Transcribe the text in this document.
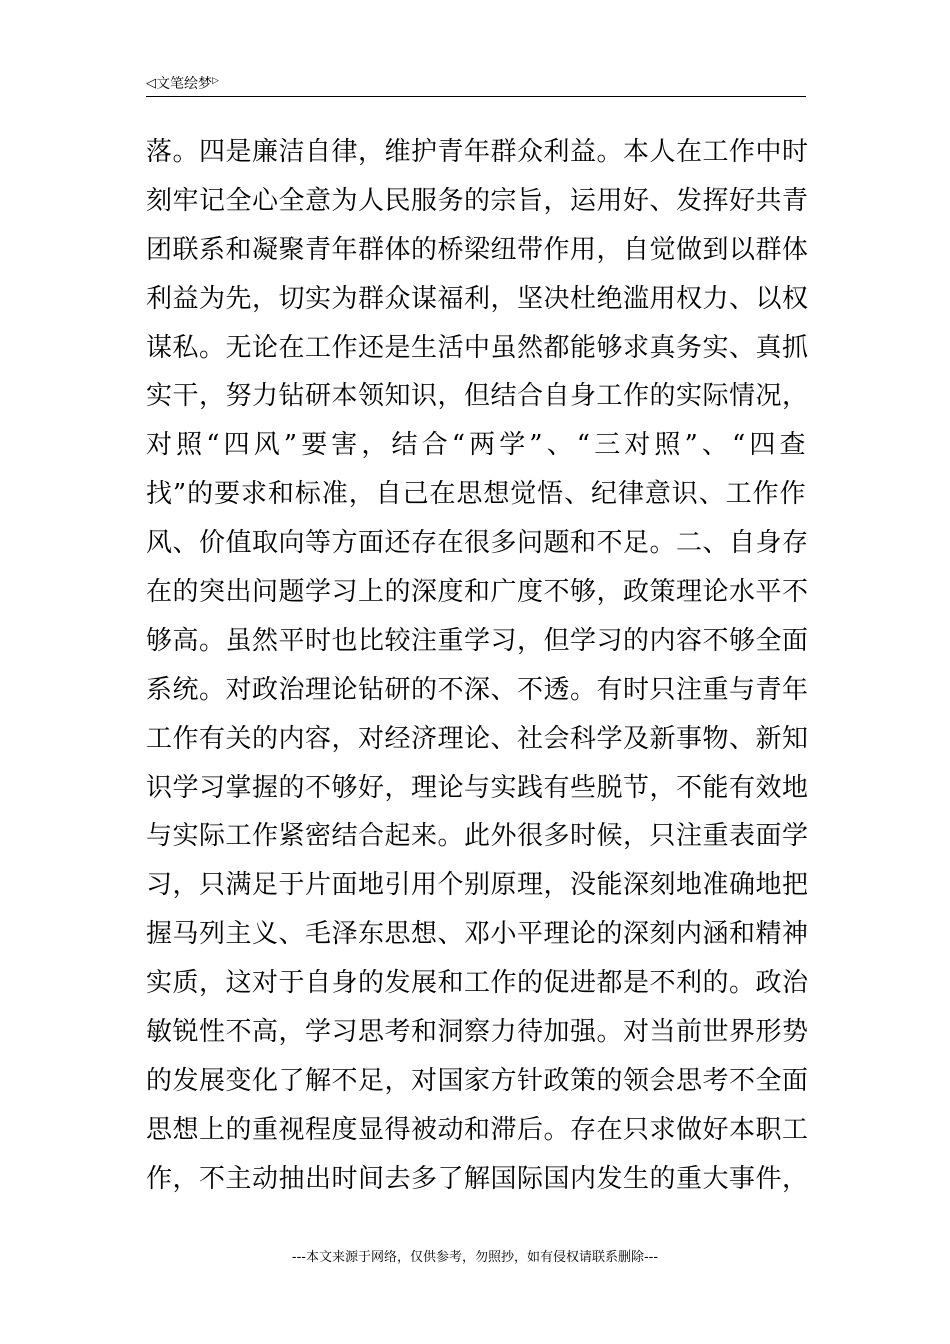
◁ 文笔绘梦 ▷
落。四是廉洁自律，维护青年群众利益。本人在工作中时
刻牢记全心全意为人民服务的宗旨，运用好、发挥好共青
团联系和凝聚青年群体的桥梁纽带作用，自觉做到以群体
利益为先，切实为群众谋福利，坚决杜绝滥用权力、以权
谋私。无论在工作还是生活中虽然都能够求真务实、真抓
实干，努力钻研本领知识，但结合自身工作的实际情况，
对照“四风”要害，结合“两学”、“三对照”、“四查
找”的要求和标准，自己在思想觉悟、纪律意识、工作作
风、价值取向等方面还存在很多问题和不足。二、自身存
在的突出问题学习上的深度和广度不够，政策理论水平不
够高。虽然平时也比较注重学习，但学习的内容不够全面
系统。对政治理论钻研的不深、不透。有时只注重与青年
工作有关的内容，对经济理论、社会科学及新事物、新知
识学习掌握的不够好，理论与实践有些脱节，不能有效地
与实际工作紧密结合起来。此外很多时候，只注重表面学
习，只满足于片面地引用个别原理，没能深刻地准确地把
握马列主义、毛泽东思想、邓小平理论的深刻内涵和精神
实质，这对于自身的发展和工作的促进都是不利的。政治
敏锐性不高，学习思考和洞察力待加强。对当前世界形势
的发展变化了解不足，对国家方针政策的领会思考不全面
思想上的重视程度显得被动和滞后。存在只求做好本职工
作，不主动抽出时间去多了解国际国内发生的重大事件，
---本文来源于网络，仅供参考，勿照抄，如有侵权请联系删除---
